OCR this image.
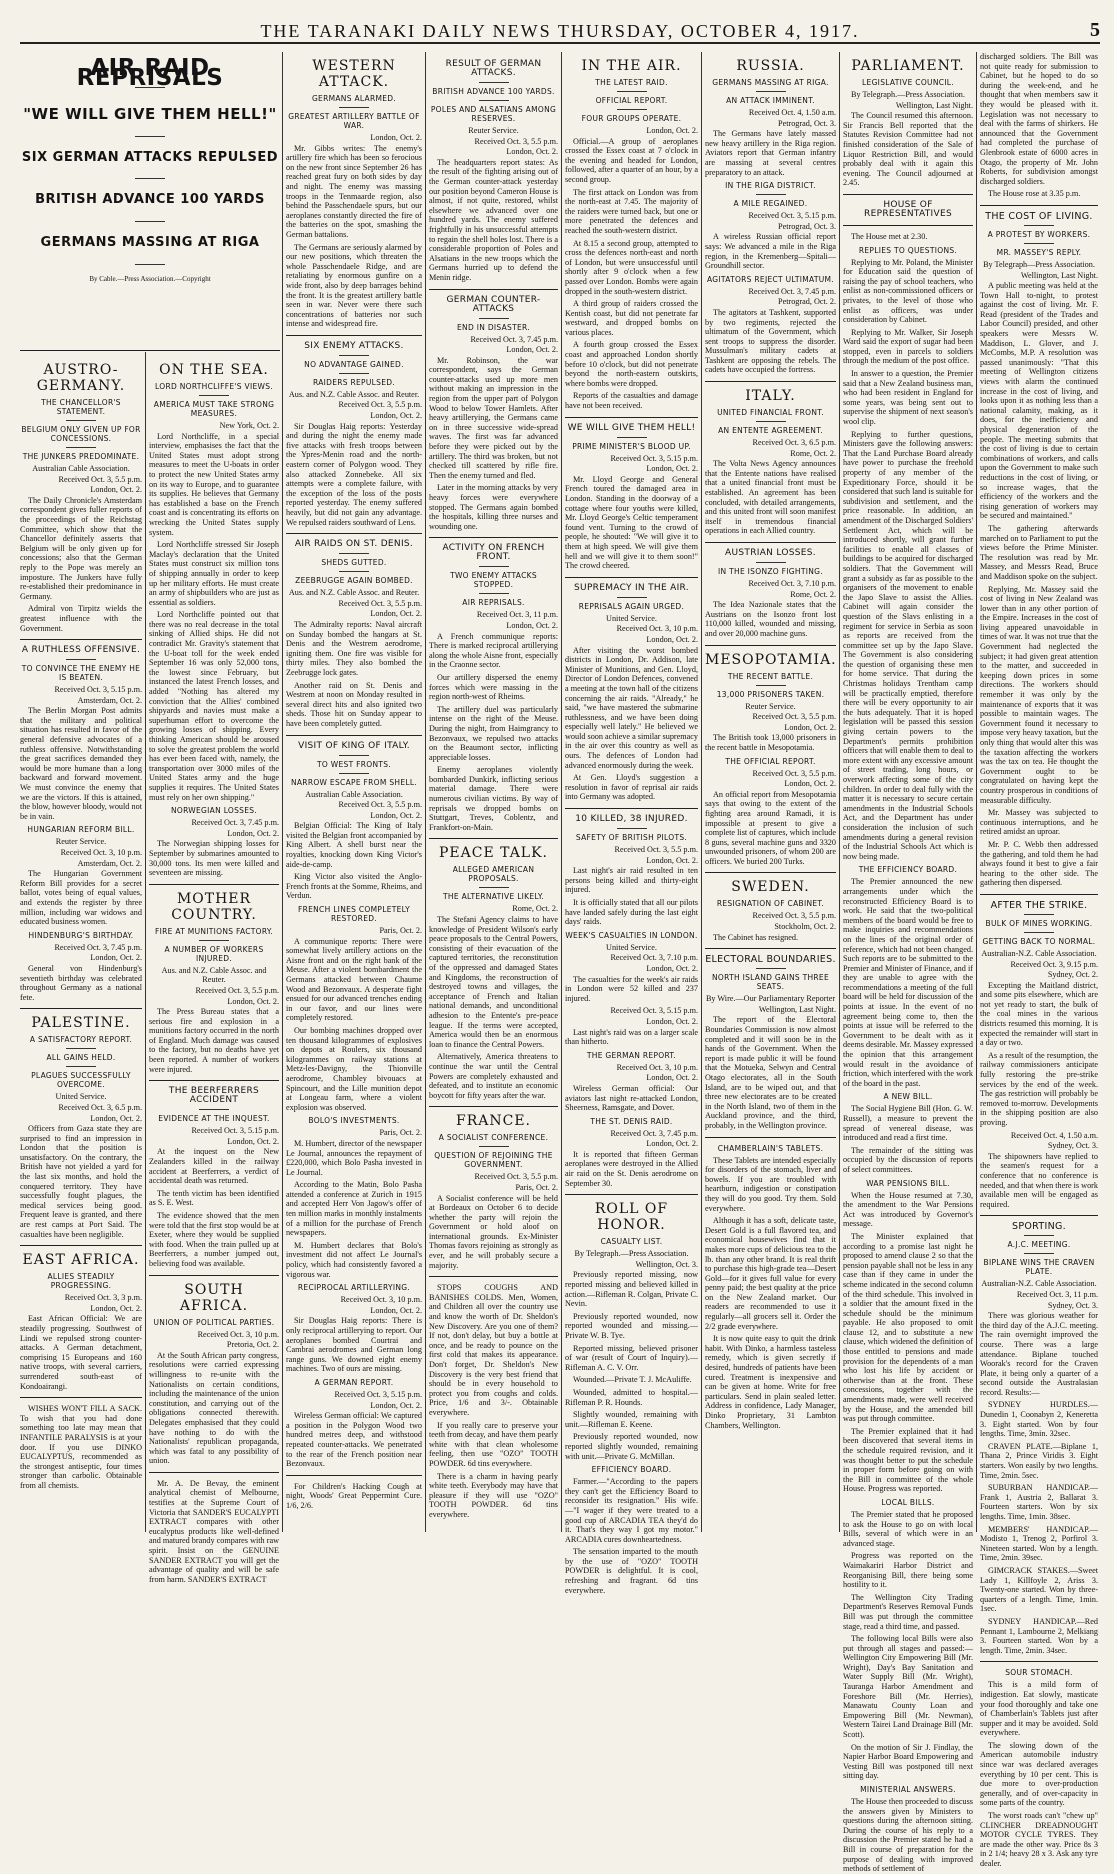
THE TARANAKI DAILY NEWS THURSDAY, OCTOBER 4, 1917.	5
AIR RAID REPRISALS
"WE WILL GIVE THEM HELL!"
SIX GERMAN ATTACKS REPULSED
BRITISH ADVANCE 100 YARDS
GERMANS MASSING AT RIGA
By Cable.—Press Association.—Copyright
AUSTRO-GERMANY.
THE CHANCELLOR'S STATEMENT.
BELGIUM ONLY GIVEN UP FOR CONCESSIONS.
THE JUNKERS PREDOMINATE.
Australian Cable Association.
Received Oct. 3, 5.5 p.m.
London, Oct. 2.

The Daily Chronicle's Amsterdam correspondent gives fuller reports of the proceedings of the Reichstag Committee, which show that the Chancellor definitely asserts that Belgium will be only given up for concessions; also that the German reply to the Pope was merely an imposture. The Junkers have fully re-established their predominance in Germany.

Admiral von Tirpitz wields the greatest influence with the Government.

A RUTHLESS OFFENSIVE.
TO CONVINCE THE ENEMY HE IS BEATEN.
Received Oct. 3, 5.15 p.m.
Amsterdam, Oct. 2.

The Berlin Morgan Post admits that the military and political situation has resulted in favor of the general defensive advocates of a ruthless offensive. Notwithstanding the great sacrifices demanded they would be more humane than a long backward and forward movement. We must convince the enemy that we are the victors. If this is attained, the blow, however bloody, would not be in vain.

HUNGARIAN REFORM BILL.
Reuter Service.
Received Oct. 3, 10 p.m.
Amsterdam, Oct. 2.

The Hungarian Government Reform Bill provides for a secret ballot, votes being of equal values, and extends the register by three million, including war widows and educated business women.

HINDENBURG'S BIRTHDAY.
Received Oct. 3, 7.45 p.m.
London, Oct. 2.

General von Hindenburg's seventieth birthday was celebrated throughout Germany as a national fete.

PALESTINE.
A SATISFACTORY REPORT.
ALL GAINS HELD.
PLAGUES SUCCESSFULLY OVERCOME.
United Service.
Received Oct. 3, 6.5 p.m.
London, Oct. 2.

Officers from Gaza state they are surprised to find an impression in London that the position is unsatisfactory. On the contrary, the British have not yielded a yard for the last six months, and hold the conquered territory. They have successfully fought plagues, the medical services being good. Frequent leave is granted, and there are rest camps at Port Said. The casualties have been negligible.

EAST AFRICA.
ALLIES STEADILY PROGRESSING.
Received Oct. 3, 3 p.m.
London, Oct. 2.

East African Official: We are steadily progressing. Southwest of Lindi we repulsed strong counter-attacks. A German detachment, comprising 15 Europeans and 160 native troops, with several carriers, surrendered south-east of Kondoairangi.

WISHES WON'T FILL A SACK. To wish that you had done something too late may mean that INFANTILE PARALYSIS is at your door. If you use DINKO EUCALYPTUS, recommended as the strongest antiseptic, four times stronger than carbolic. Obtainable from all chemists.

ON THE SEA.
LORD NORTHCLIFFE'S VIEWS.
AMERICA MUST TAKE STRONG MEASURES.
New York, Oct. 2.

Lord Northcliffe, in a special interview, emphasises the fact that the United States must adopt strong measures to meet the U-boats in order to protect the new United States army on its way to Europe, and to guarantee its supplies. He believes that Germany has established a base on the French coast and is concentrating its efforts on wrecking the United States supply system.

Lord Northcliffe stressed Sir Joseph Maclay's declaration that the United States must construct six million tons of shipping annually in order to keep up her military efforts. He must create an army of shipbuilders who are just as essential as soldiers.

Lord Northcliffe pointed out that there was no real decrease in the total sinking of Allied ships. He did not contradict Mr. Gravity's statement that the U-boat toll for the week ended September 16 was only 52,000 tons, the lowest since February, but instanced the latest French losses, and added "Nothing has altered my conviction that the Allies' combined shipyards and navies must make a superhuman effort to overcome the growing losses of shipping. Every thinking American should be aroused to solve the greatest problem the world has ever been faced with, namely, the transportation over 3000 miles of the United States army and the huge supplies it requires. The United States must rely on her own shipping."

NORWEGIAN LOSSES.
Received Oct. 3, 7.45 p.m.
London, Oct. 2.

The Norwegian shipping losses for September by submarines amounted to 30,000 tons. Its men were killed and seventeen are missing.

MOTHER COUNTRY.
FIRE AT MUNITIONS FACTORY.
A NUMBER OF WORKERS INJURED.
Aus. and N.Z. Cable Assoc. and Reuter.
Received Oct. 3, 5.5 p.m.
London, Oct. 2.

The Press Bureau states that a serious fire and explosion in a munitions factory occurred in the north of England. Much damage was caused to the factory, but no deaths have yet been reported. A number of workers were injured.

THE BEERFERRERS ACCIDENT
EVIDENCE AT THE INQUEST.
Received Oct. 3, 5.15 p.m.
London, Oct. 2.

At the inquest on the New Zealanders killed in the railway accident at Beerferrers, a verdict of accidental death was returned.

The tenth victim has been identified as S. E. West.

The evidence showed that the men were told that the first stop would be at Exeter, where they would be supplied with food. When the train pulled up at Beerferrers, a number jumped out, believing food was available.

SOUTH AFRICA.
UNION OF POLITICAL PARTIES.
Received Oct. 3, 10 p.m.
Pretoria, Oct. 2.

At the South African party congress, resolutions were carried expressing willingness to re-unite with the Nationalists on certain conditions, including the maintenance of the union constitution, and carrying out of the obligations connected therewith. Delegates emphasised that they could have nothing to do with the Nationalists' republican propaganda, which was fatal to any possibility of union.

Mr. A. De Bevay, the eminent analytical chemist of Melbourne, testifies at the Supreme Court of Victoria that SANDER'S EUCALYPTI EXTRACT compares with other eucalyptus products like well-defined and matured brandy compares with raw spirit. Insist on the GENUINE SANDER EXTRACT you will get the advantage of quality and will be safe from harm. SANDER'S EXTRACT

WESTERN ATTACK.
GERMANS ALARMED.
GREATEST ARTILLERY BATTLE OF WAR.
London, Oct. 2.

Mr. Gibbs writes: The enemy's artillery fire which has been so ferocious on the new front since September 26 has reached great fury on both sides by day and night. The enemy was massing troops in the Tenmaarde region, also behind the Passchendaele spurs, but our aeroplanes constantly directed the fire of the batteries on the spot, smashing the German battalions.

The Germans are seriously alarmed by our new positions, which threaten the whole Passchendaele Ridge, and are retaliating by enormous gunfire on a wide front, also by deep barrages behind the front. It is the greatest artillery battle seen in war. Never were there such concentrations of batteries nor such intense and widespread fire.

SIX ENEMY ATTACKS.
NO ADVANTAGE GAINED.
RAIDERS REPULSED.
Aus. and N.Z. Cable Assoc. and Reuter.
Received Oct. 3, 5.5 p.m.
London, Oct. 2.

Sir Douglas Haig reports: Yesterday and during the night the enemy made five attacks with fresh troops between the Ypres-Menin road and the north-eastern corner of Polygon wood. They also attacked Zonnebeke. All six attempts were a complete failure, with the exception of the loss of the posts reported yesterday. The enemy suffered heavily, but did not gain any advantage. We repulsed raiders southward of Lens.

AIR RAIDS ON ST. DENIS.
SHEDS GUTTED.
ZEEBRUGGE AGAIN BOMBED.
Aus. and N.Z. Cable Assoc. and Reuter.
Received Oct. 3, 5.5 p.m.
London, Oct. 2.

The Admiralty reports: Naval aircraft on Sunday bombed the hangars at St. Denis and the Westrem aerodrome, igniting them. One fire was visible for thirty miles. They also bombed the Zeebrugge lock gates.

Another raid on St. Denis and Westrem at noon on Monday resulted in several direct hits and also ignited two sheds. Those hit on Sunday appear to have been completely gutted.

VISIT OF KING OF ITALY.
TO WEST FRONTS.
NARROW ESCAPE FROM SHELL.
Australian Cable Association.
Received Oct. 3, 5.5 p.m.
London, Oct. 2.

Belgian Official: The King of Italy visited the Belgian front accompanied by King Albert. A shell burst near the royalties, knocking down King Victor's aide-de-camp.

King Victor also visited the Anglo-French fronts at the Somme, Rheims, and Verdun.

FRENCH LINES COMPLETELY RESTORED.
Paris, Oct. 2.

A communique reports: There were somewhat lively artillery actions on the Aisne front and on the right bank of the Meuse. After a violent bombardment the Germans attacked between Chaume Wood and Bezonvaux. A desperate fight ensued for our advanced trenches ending in our favor, and our lines were completely restored.

Our bombing machines dropped over ten thousand kilogrammes of explosives on depots at Roulers, six thousand kilogrammes on railway stations at Metz-les-Davigny, the Thionville aerodrome, Chambley bivouacs at Spincourt, and the Lille munition depot at Longeau farm, where a violent explosion was observed.

BOLO'S INVESTMENTS.
Paris, Oct. 2.

M. Humbert, director of the newspaper Le Journal, announces the repayment of £220,000, which Bolo Pasha invested in Le Journal.

According to the Matin, Bolo Pasha attended a conference at Zurich in 1915 and accepted Herr Von Jagow's offer of ten million marks in monthly instalments of a million for the purchase of French newspapers.

M. Humbert declares that Bolo's investment did not affect Le Journal's policy, which had consistently favored a vigorous war.

RECIPROCAL ARTILLERYING.
Received Oct. 3, 10 p.m.
London, Oct. 2.

Sir Douglas Haig reports: There is only reciprocal artillerying to report. Our aeroplanes bombed Courtrai and Cambrai aerodromes and German long range guns. We downed eight enemy machines. Two of ours are missing.

A GERMAN REPORT.
Received Oct. 3, 5.15 p.m.
London, Oct. 2.

Wireless German official: We captured a position in the Polygon Wood two hundred metres deep, and withstood repeated counter-attacks. We penetrated to the rear of the French position near Bezonvaux.

For Children's Hacking Cough at night, Woods' Great Peppermint Cure. 1/6, 2/6.

RESULT OF GERMAN ATTACKS.
BRITISH ADVANCE 100 YARDS.
POLES AND ALSATIANS AMONG RESERVES.
Reuter Service.
Received Oct. 3, 5.5 p.m.
London, Oct. 2.

The headquarters report states: As the result of the fighting arising out of the German counter-attack yesterday our position beyond Cameron House is almost, if not quite, restored, whilst elsewhere we advanced over one hundred yards. The enemy suffered frightfully in his unsuccessful attempts to regain the shell holes lost. There is a considerable proportion of Poles and Alsatians in the new troops which the Germans hurried up to defend the Menin ridge.

GERMAN COUNTER-ATTACKS
END IN DISASTER.
Received Oct. 3, 7.45 p.m.
London, Oct. 2.

Mr. Robinson, the war correspondent, says the German counter-attacks used up more men without making an impression in the region from the upper part of Polygon Wood to below Tower Hamlets. After heavy artillerying, the Germans came on in three successive wide-spread waves. The first was far advanced before they were picked out by the artillery. The third was broken, but not checked till scattered by rifle fire. Then the enemy turned and fled.

Later in the morning attacks by very heavy forces were everywhere stopped. The Germans again bombed the hospitals, killing three nurses and wounding one.

ACTIVITY ON FRENCH FRONT.
TWO ENEMY ATTACKS STOPPED.
AIR REPRISALS.
Received Oct. 3, 11 p.m.
London, Oct. 2.

A French communique reports: There is marked reciprocal artillerying along the whole Aisne front, especially in the Craonne sector.

Our artillery dispersed the enemy forces which were massing in the region north-west of Rheims.

The artillery duel was particularly intense on the right of the Meuse. During the night, from Haimgrancy to Bezonvaux, we repulsed two attacks on the Beaumont sector, inflicting appreciable losses.

Enemy aeroplanes violently bombarded Dunkirk, inflicting serious material damage. There were numerous civilian victims. By way of reprisals we dropped bombs on Stuttgart, Treves, Coblentz, and Frankfort-on-Main.

PEACE TALK.
ALLEGED AMERICAN PROPOSALS.
THE ALTERNATIVE LIKELY.
Rome, Oct. 2.

The Stefani Agency claims to have knowledge of President Wilson's early peace proposals to the Central Powers, consisting of their evacuation of the captured territories, the reconstitution of the oppressed and damaged States and Kingdoms, the reconstruction of destroyed towns and villages, the acceptance of French and Italian national demands, and unconditional adhesion to the Entente's pre-peace league. If the terms were accepted, America would then be an enormous loan to finance the Central Powers.

Alternatively, America threatens to continue the war until the Central Powers are completely exhausted and defeated, and to institute an economic boycott for fifty years after the war.

FRANCE.
A SOCIALIST CONFERENCE.
QUESTION OF REJOINING THE GOVERNMENT.
Received Oct. 3, 5.5 p.m.
Paris, Oct. 2.

A Socialist conference will be held at Bordeaux on October 6 to decide whether the party will rejoin the Government or hold aloof on international grounds. Ex-Minister Thomas favors rejoining as strongly as ever, and he will probably secure a majority.

STOPS COUGHS AND BANISHES COLDS. Men, Women, and Children all over the country use and know the worth of Dr. Sheldon's New Discovery. Are you one of them? If not, don't delay, but buy a bottle at once, and be ready to pounce on the first cold that makes its appearance. Don't forget, Dr. Sheldon's New Discovery is the very best friend that should be in every household to protect you from coughs and colds. Price, 1/6 and 3/-. Obtainable everywhere.

If you really care to preserve your teeth from decay, and have them pearly white with that clean wholesome feeling, then use "OZO" TOOTH POWDER. 6d tins everywhere.

There is a charm in having pearly white teeth. Everybody may have that pleasure if they will use "OZO" TOOTH POWDER. 6d tins everywhere.

IN THE AIR.
THE LATEST RAID.
OFFICIAL REPORT.
FOUR GROUPS OPERATE.
London, Oct. 2.

Official.—A group of aeroplanes crossed the Essex coast at 7 o'clock in the evening and headed for London, followed, after a quarter of an hour, by a second group.

The first attack on London was from the north-east at 7.45. The majority of the raiders were turned back, but one or more penetrated the defences and reached the south-western district.

At 8.15 a second group, attempted to cross the defences north-east and north of London, but were unsuccessful until shortly after 9 o'clock when a few passed over London. Bombs were again dropped in the south-western district.

A third group of raiders crossed the Kentish coast, but did not penetrate far westward, and dropped bombs on various places.

A fourth group crossed the Essex coast and approached London shortly before 10 o'clock, but did not penetrate beyond the north-eastern outskirts, where bombs were dropped.

Reports of the casualties and damage have not been received.

WE WILL GIVE THEM HELL!
PRIME MINISTER'S BLOOD UP.
Received Oct. 3, 5.15 p.m.
London, Oct. 2.

Mr. Lloyd George and General French toured the damaged area in London. Standing in the doorway of a cottage where four youths were killed, Mr. Lloyd George's Celtic temperament found vent. Turning to the crowd of people, he shouted: "We will give it to them at high speed. We will give them hell and we will give it to them soon!" The crowd cheered.

SUPREMACY IN THE AIR.
REPRISALS AGAIN URGED.
United Service.
Received Oct. 3, 10 p.m.
London, Oct. 2.

After visiting the worst bombed districts in London, Dr. Addison, late Minister of Munitions, and Gen. Lloyd, Director of London Defences, convened a meeting at the town hall of the citizens concerning the air raids. "Already," he said, "we have mastered the submarine ruthlessness, and we have been doing especially well lately." He believed we would soon achieve a similar supremacy in the air over this country as well as ours. The defences of London had advanced enormously during the week.

At Gen. Lloyd's suggestion a resolution in favor of reprisal air raids into Germany was adopted.

10 KILLED, 38 INJURED.
SAFETY OF BRITISH PILOTS.
Received Oct. 3, 5.5 p.m.
London, Oct. 2.

Last night's air raid resulted in ten persons being killed and thirty-eight injured.

It is officially stated that all our pilots have landed safely during the last eight days' raids.

WEEK'S CASUALTIES IN LONDON.
United Service.
Received Oct. 3, 7.10 p.m.
London, Oct. 2.

The casualties for the week's air raids in London were 52 killed and 237 injured.

Received Oct. 3, 5.15 p.m.
London, Oct. 2.

Last night's raid was on a larger scale than hitherto.

THE GERMAN REPORT.
Received Oct. 3, 10 p.m.
London, Oct. 2.

Wireless German official: Our aviators last night re-attacked London, Sheerness, Ramsgate, and Dover.

THE ST. DENIS RAID.
Received Oct. 3, 7.45 p.m.
London, Oct. 2.

It is reported that fifteen German aeroplanes were destroyed in the Allied air raid on the St. Denis aerodrome on September 30.

ROLL OF HONOR.
CASUALTY LIST.
By Telegraph.—Press Association.
Wellington, Oct. 3.

Previously reported missing, now reported missing and believed killed in action.—Rifleman R. Colgan, Private C. Nevin.

Previously reported wounded, now reported wounded and missing.—Private W. B. Tye.

Reported missing, believed prisoner of war (result of Court of Inquiry).—Rifleman A. C. V. Orr.

Wounded.—Private T. J. McAuliffe.

Wounded, admitted to hospital.—Rifleman P. R. Hounds.

Slightly wounded, remaining with unit.—Rifleman E. Keene.

Previously reported wounded, now reported slightly wounded, remaining with unit.—Private G. McMillan.

EFFICIENCY BOARD.

Farmer.—"According to the papers they can't get the Efficiency Board to reconsider its resignation." His wife.—"I wager if they were treated to a good cup of ARCADIA TEA they'd do it. That's they way I got my motor." ARCADIA cures downheartedness.

The sensation imparted to the mouth by the use of "OZO" TOOTH POWDER is delightful. It is cool, refreshing and fragrant. 6d tins everywhere.

RUSSIA.
GERMANS MASSING AT RIGA.
AN ATTACK IMMINENT.
Received Oct. 4, 1.50 a.m.
Petrograd, Oct. 3.

The Germans have lately massed new heavy artillery in the Riga region. Aviators report that German infantry are massing at several centres preparatory to an attack.

IN THE RIGA DISTRICT.
A MILE REGAINED.
Received Oct. 3, 5.15 p.m.
Petrograd, Oct. 3.

A wireless Russian official report says: We advanced a mile in the Riga region, in the Kremenberg—Spitali—Groundhill sector.

AGITATORS REJECT ULTIMATUM.
Received Oct. 3, 7.45 p.m.
Petrograd, Oct. 2.

The agitators at Tashkent, supported by two regiments, rejected the ultimatum of the Government, which sent troops to suppress the disorder. Mussulman's military cadets at Tashkent are opposing the rebels. The cadets have occupied the fortress.

ITALY.
UNITED FINANCIAL FRONT.
AN ENTENTE AGREEMENT.
Received Oct. 3, 6.5 p.m.
Rome, Oct. 2.

The Volta News Agency announces that the Entente nations have realised that a united financial front must be established. An agreement has been concluded, with detailed arrangements, and this united front will soon manifest itself in tremendous financial operations in each Allied country.

AUSTRIAN LOSSES.
IN THE ISONZO FIGHTING.
Received Oct. 3, 7.10 p.m.
Rome, Oct. 2.

The Idea Nazionale states that the Austrians on the Isonzo front lost 110,000 killed, wounded and missing, and over 20,000 machine guns.

MESOPOTAMIA.
THE RECENT BATTLE.
13,000 PRISONERS TAKEN.
Reuter Service.
Received Oct. 3, 5.5 p.m.
London, Oct. 2.

The British took 13,000 prisoners in the recent battle in Mesopotamia.

THE OFFICIAL REPORT.
Received Oct. 3, 5.5 p.m.
London, Oct. 2.

An official report from Mesopotamia says that owing to the extent of the fighting area around Ramadi, it is impossible at present to give a complete list of captures, which include 8 guns, several machine guns and 3320 unwounded prisoners, of whom 200 are officers. We buried 200 Turks.

SWEDEN.
RESIGNATION OF CABINET.
Received Oct. 3, 5.5 p.m.
Stockholm, Oct. 2.

The Cabinet has resigned.

ELECTORAL BOUNDARIES.
NORTH ISLAND GAINS THREE SEATS.
By Wire.—Our Parliamentary Reporter
Wellington, Last Night.

The report of the Electoral Boundaries Commission is now almost completed and it will soon be in the hands of the Government. When the report is made public it will be found that the Motueka, Selwyn and Central Otago electorates, all in the South Island, are to be wiped out, and that three new electorates are to be created in the North Island, two of them in the Auckland province, and the third, probably, in the Wellington province.

CHAMBERLAIN'S TABLETS.

These Tablets are intended especially for disorders of the stomach, liver and bowels. If you are troubled with heartburn, indigestion or constipation they will do you good. Try them. Sold everywhere.

Although it has a soft, delicate taste, Desert Gold is a full flavored tea, and economical housewives find that it makes more cups of delicious tea to the lb. than any other brand. It is real thrift to purchase this high-grade tea—Desert Gold—for it gives full value for every penny paid; the best quality at the price on the New Zealand market. Our readers are recommended to use it regularly—all grocers sell it. Order the 2/2 grade everywhere.

It is now quite easy to quit the drink habit. With Dinko, a harmless tasteless remedy, which is given secretly if desired, hundreds of patients have been cured. Treatment is inexpensive and can be given at home. Write for free particulars. Send in plain sealed letter. Address in confidence, Lady Manager, Dinko Proprietary, 31 Lambton Chambers, Wellington.

PARLIAMENT.
LEGISLATIVE COUNCIL.
By Telegraph.—Press Association.
Wellington, Last Night.

The Council resumed this afternoon. Sir Francis Bell reported that the Statutes Revision Committee had not finished consideration of the Sale of Liquor Restriction Bill, and would probably deal with it again this evening. The Council adjourned at 2.45.

HOUSE OF REPRESENTATIVES

The House met at 2.30.

REPLIES TO QUESTIONS.

Replying to Mr. Poland, the Minister for Education said the question of raising the pay of school teachers, who enlist as non-commissioned officers or privates, to the level of those who enlist as officers, was under consideration by Cabinet.

Replying to Mr. Walker, Sir Joseph Ward said the export of sugar had been stopped, even in parcels to soldiers through the medium of the post office.

In answer to a question, the Premier said that a New Zealand business man, who had been resident in England for some years, was being sent out to supervise the shipment of next season's wool clip.

Replying to further questions, Ministers gave the following answers: That the Land Purchase Board already have power to purchase the freehold property of any member of the Expeditionary Force, should it be considered that such land is suitable for subdivision and settlement, and the price reasonable. In addition, an amendment of the Discharged Soldiers' Settlement Act, which will be introduced shortly, will grant further facilities to enable all classes of buildings to be acquired for discharged soldiers. That the Government will grant a subsidy as far as possible to the organisers of the movement to enable the Japo Slave to assist the Allies. Cabinet will again consider the question of the Slavs enlisting in a regiment for service in Serbia as soon as reports are received from the committee set up by the Japo Slave. The Government is also considering the question of organising these men for home service. That during the Christmas holidays Trentham camp will be practically emptied, therefore there will be every opportunity to air the huts adequately. That it is hoped legislation will be passed this session giving certain powers to the Department's permits prohibition officers that will enable them to deal to more extent with any excessive amount of street trading, long hours, or overwork affecting some of the city children. In order to deal fully with the matter it is necessary to secure certain amendments in the Industrial Schools Act, and the Department has under consideration the inclusion of such amendments during a general revision of the Industrial Schools Act which is now being made.

THE EFFICIENCY BOARD.

The Premier announced the new arrangements under which the reconstructed Efficiency Board is to work. He said that the two-political members of the board would be free to make inquiries and recommendations on the lines of the original order of reference, which had not been changed. Such reports are to be submitted to the Premier and Minister of Finance, and if they are unable to agree with the recommendations a meeting of the full board will be held for discussion of the points at issue. In the event of no agreement being come to, then the points at issue will be referred to the Government to be dealt with as it deems desirable. Mr. Massey expressed the opinion that this arrangement would result in the avoidance of friction, which interfered with the work of the board in the past.

A NEW BILL.

The Social Hygiene Bill (Hon. G. W. Russell), a measure to prevent the spread of venereal disease, was introduced and read a first time.

The remainder of the sitting was occupied by the discussion of reports of select committees.

WAR PENSIONS BILL.

When the House resumed at 7.30, the amendment to the War Pensions Act was introduced by Governor's message.

The Minister explained that according to a promise last night he proposed to amend clause 2 so that the pension payable shall not be less in any case than if they came in under the scheme indicated in the second column of the third schedule. This involved in a soldier that the amount fixed in the schedule should be the minimum payable. He also proposed to omit clause 12, and to substitute a new clause, which widened the definition of those entitled to pensions and made provision for the dependents of a man who lost his life by accident or otherwise than at the front. These concessions, together with the amendments made, were well received by the House, and the amended bill was put through committee.

The Premier explained that it had been discovered that several items in the schedule required revision, and it was thought better to put the schedule in proper form before going on with the Bill in committee of the whole House. Progress was reported.

LOCAL BILLS.

The Premier stated that he proposed to ask the House to go on with local Bills, several of which were in an advanced stage.

Progress was reported on the Waimakariri Harbor District and Reorganising Bill, there being some hostility to it.

The Wellington City Trading Department's Reserves Removal Funds Bill was put through the committee stage, read a third time, and passed.

The following local Bills were also put through all stages and passed:—Wellington City Empowering Bill (Mr. Wright), Day's Bay Sanitation and Water Supply Bill (Mr. Wright), Tauranga Harbor Amendment and Foreshore Bill (Mr. Herries), Manawatu County Loan and Empowering Bill (Mr. Newman), Western Tairei Land Drainage Bill (Mr. Scott).

On the motion of Sir J. Findlay, the Napier Harbor Board Empowering and Vesting Bill was postponed till next sitting day.

MINISTERIAL ANSWERS.

The House then proceeded to discuss the answers given by Ministers to questions during the afternoon sitting. During the course of his reply to a discussion the Premier stated he had a Bill in course of preparation for the purpose of dealing with improved methods of settlement of

discharged soldiers. The Bill was not quite ready for submission to Cabinet, but he hoped to do so during the week-end, and he thought that when members saw it they would be pleased with it. Legislation was not necessary to deal with the farms of shirkers. He announced that the Government had completed the purchase of Glenbrook estate of 6000 acres in Otago, the property of Mr. John Roberts, for subdivision amongst discharged soldiers.

The House rose at 3.35 p.m.

THE COST OF LIVING.
A PROTEST BY WORKERS.
MR. MASSEY'S REPLY.
By Telegraph—Press Association.
Wellington, Last Night.

A public meeting was held at the Town Hall to-night, to protest against the cost of living. Mr. F. Read (president of the Trades and Labor Council) presided, and other speakers were Messrs W. Maddison, L. Glover, and J. McCombs, M.P. A resolution was passed unanimously: "That this meeting of Wellington citizens views with alarm the continued increase in the cost of living, and looks upon it as nothing less than a national calamity, making, as it does, for the inefficiency and physical degeneration of the people. The meeting submits that the cost of living is due to certain combinations of workers, and calls upon the Government to make such reductions in the cost of living, or so increase wages, that the efficiency of the workers and the rising generation of workers may be secured and maintained."

The gathering afterwards marched on to Parliament to put the views before the Prime Minister. The resolution was read by Mr. Massey, and Messrs Read, Bruce and Maddison spoke on the subject.

Replying, Mr. Massey said the cost of living in New Zealand was lower than in any other portion of the Empire. Increases in the cost of living appeared unavoidable in times of war. It was not true that the Government had neglected the subject; it had given great attention to the matter, and succeeded in keeping down prices in some directions. The workers should remember it was only by the maintenance of exports that it was possible to maintain wages. The Government found it necessary to impose very heavy taxation, but the only thing that would alter this was the taxation affecting the workers was the tax on tea. He thought the Government ought to be congratulated on having kept the country prosperous in conditions of measurable difficulty.

Mr. Massey was subjected to continuous interruptions, and he retired amidst an uproar.

Mr. P. C. Webb then addressed the gathering, and told them he had always found it best to give a fair hearing to the other side. The gathering then dispersed.

AFTER THE STRIKE.
BULK OF MINES WORKING.
GETTING BACK TO NORMAL.
Australian-N.Z. Cable Association.
Received Oct. 3, 9.15 p.m.
Sydney, Oct. 2.

Excepting the Maitland district, and some pits elsewhere, which are not yet ready to start, the bulk of the coal mines in the various districts resumed this morning. It is expected the remainder will start in a day or two.

As a result of the resumption, the railway commissioners anticipate fully restoring the pre-strike services by the end of the week. The gas restriction will probably be removed to-morrow. Developments in the shipping position are also proving.

Received Oct. 4, 1.50 a.m.
Sydney, Oct. 3.

The shipowners have replied to the seamen's request for a conference that no conference is needed, and that when there is work available men will be engaged as required.

SPORTING.
A.J.C. MEETING.
BIPLANE WINS THE CRAVEN PLATE.
Australian-N.Z. Cable Association.
Received Oct. 3, 11 p.m.
Sydney, Oct. 3.

There was glorious weather for the third day of the A.J.C. meeting. The rain overnight improved the course. There was a large attendance. Biplane touched Woorak's record for the Craven Plate, it being only a quarter of a second outside the Australasian record. Results:—

SYDNEY HURDLES.—Dunedin 1, Coonabyn 2, Keneretta 3. Eight started. Won by four lengths. Time, 3min. 32sec.

CRAVEN PLATE.—Biplane 1, Thana 2, Prince Viridis 3. Eight starters. Won easily by two lengths. Time, 2min. 5sec.

SUBURBAN HANDICAP.—Frank 1, Austria 2, Ballarat 3. Fourteen starters. Won by six lengths. Time, 1min. 38sec.

MEMBERS' HANDICAP.—Modisto 1, Trenog 2, Porfirol 3. Nineteen started. Won by a length. Time, 2min. 39sec.

GIMCRACK STAKES.—Sweet Lady 1, Killfoyle 2, Ariss 3. Twenty-one started. Won by three-quarters of a length. Time, 1min. 1sec.

SYDNEY HANDICAP.—Red Pennant 1, Lambourne 2, Melkiang 3. Fourteen started. Won by a length. Time, 2min. 34sec.

SOUR STOMACH.

This is a mild form of indigestion. Eat slowly, masticate your food thoroughly and take one of Chamberlain's Tablets just after supper and it may be avoided. Sold everywhere.

The slowing down of the American automobile industry since war was declared averages everything by 10 per cent. This is due more to over-production generally, and of over-capacity in some parts of the country.

The worst roads can't "chew up" CLINCHER DREADNOUGHT MOTOR CYCLE TYRES. They are made the other way. Price 8s 3 in 2 1/4; heavy 28 x 3. Ask any tyre dealer.
